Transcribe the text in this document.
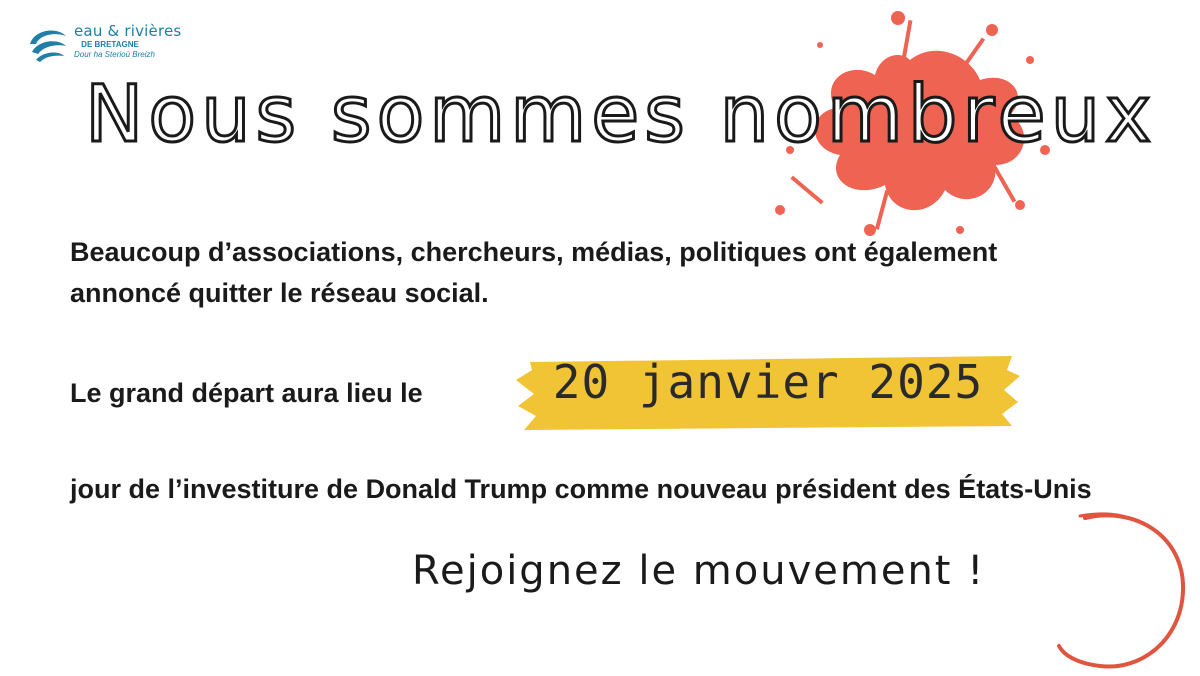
eau & rivières
DE BRETAGNE
Dour ha Sterioù Breizh
Nous sommes nombreux
Beaucoup d’associations, chercheurs, médias, politiques ont également annoncé quitter le réseau social.
Le grand départ aura lieu le	20 janvier 2025
jour de l’investiture de Donald Trump comme nouveau président des États-Unis
Rejoignez le mouvement !
